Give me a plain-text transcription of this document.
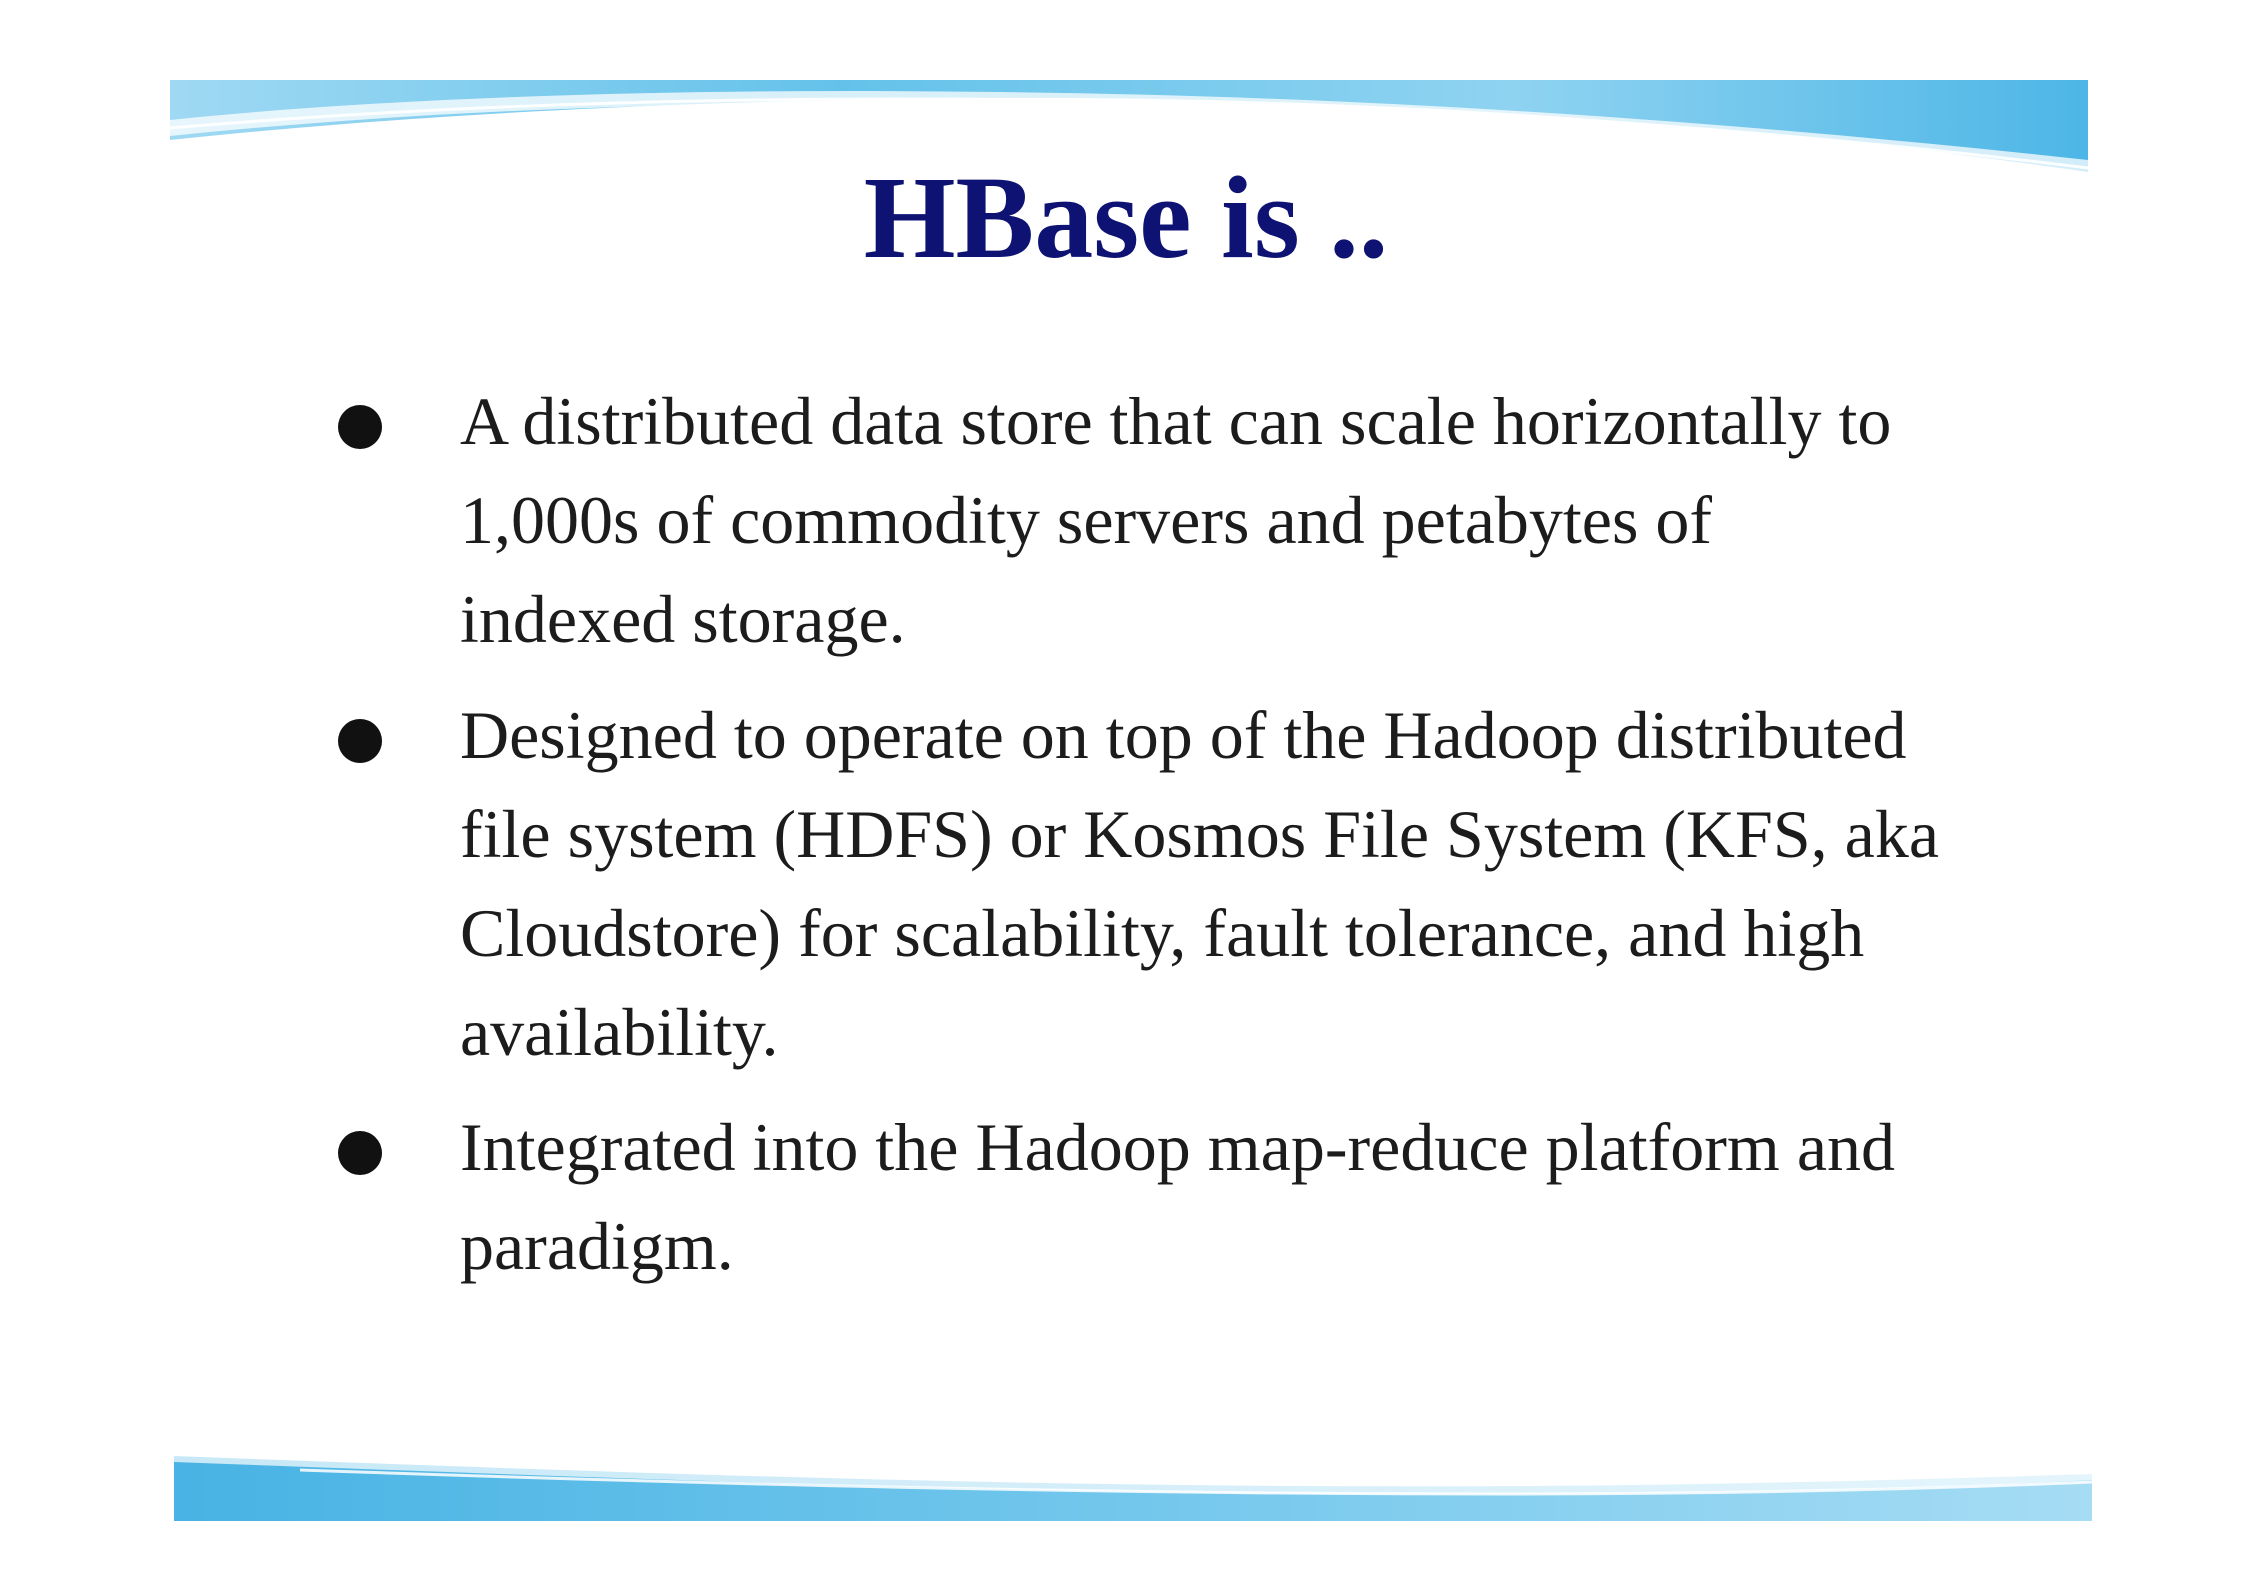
HBase is ..
A distributed data store that can scale horizontally to 1,000s of commodity servers and petabytes of indexed storage.
Designed to operate on top of the Hadoop distributed file system (HDFS) or Kosmos File System (KFS, aka Cloudstore) for scalability, fault tolerance, and high availability.
Integrated into the Hadoop map-reduce platform and paradigm.
